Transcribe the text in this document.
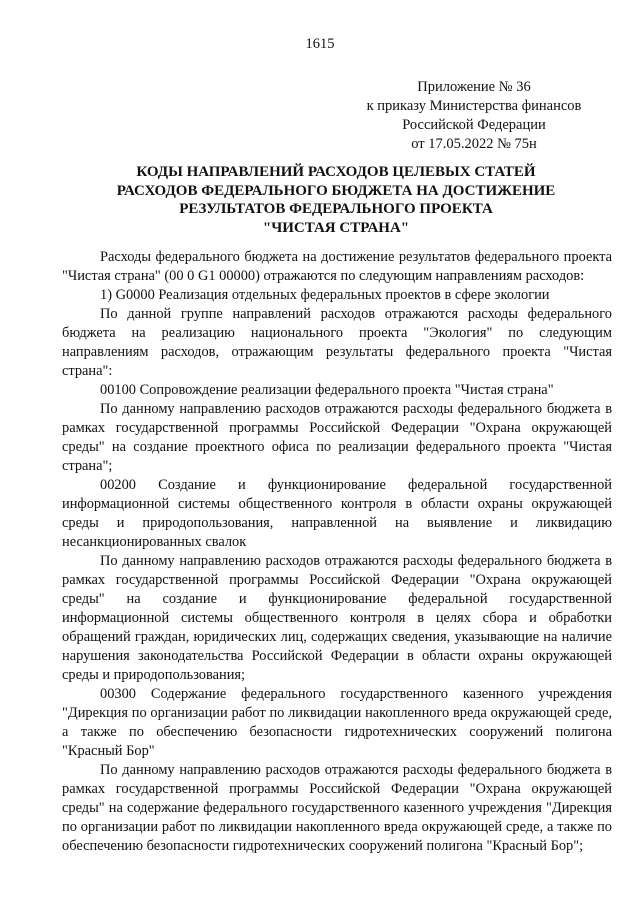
1615
Приложение № 36
к приказу Министерства финансов
Российской Федерации
от 17.05.2022 № 75н
КОДЫ НАПРАВЛЕНИЙ РАСХОДОВ ЦЕЛЕВЫХ СТАТЕЙ
РАСХОДОВ ФЕДЕРАЛЬНОГО БЮДЖЕТА НА ДОСТИЖЕНИЕ
РЕЗУЛЬТАТОВ ФЕДЕРАЛЬНОГО ПРОЕКТА
"ЧИСТАЯ СТРАНА"

Расходы федерального бюджета на достижение результатов федерального проекта "Чистая страна" (00 0 G1 00000) отражаются по следующим направлениям расходов:

1) G0000 Реализация отдельных федеральных проектов в сфере экологии

По данной группе направлений расходов отражаются расходы федерального бюджета на реализацию национального проекта "Экология" по следующим направлениям расходов, отражающим результаты федерального проекта "Чистая страна":

00100 Сопровождение реализации федерального проекта "Чистая страна"

По данному направлению расходов отражаются расходы федерального бюджета в рамках государственной программы Российской Федерации "Охрана окружающей среды" на создание проектного офиса по реализации федерального проекта "Чистая страна";

00200 Создание и функционирование федеральной государственной информационной системы общественного контроля в области охраны окружающей среды и природопользования, направленной на выявление и ликвидацию несанкционированных свалок

По данному направлению расходов отражаются расходы федерального бюджета в рамках государственной программы Российской Федерации "Охрана окружающей среды" на создание и функционирование федеральной государственной информационной системы общественного контроля в целях сбора и обработки обращений граждан, юридических лиц, содержащих сведения, указывающие на наличие нарушения законодательства Российской Федерации в области охраны окружающей среды и природопользования;

00300 Содержание федерального государственного казенного учреждения "Дирекция по организации работ по ликвидации накопленного вреда окружающей среде, а также по обеспечению безопасности гидротехнических сооружений полигона "Красный Бор"

По данному направлению расходов отражаются расходы федерального бюджета в рамках государственной программы Российской Федерации "Охрана окружающей среды" на содержание федерального государственного казенного учреждения "Дирекция по организации работ по ликвидации накопленного вреда окружающей среде, а также по обеспечению безопасности гидротехнических сооружений полигона "Красный Бор";
